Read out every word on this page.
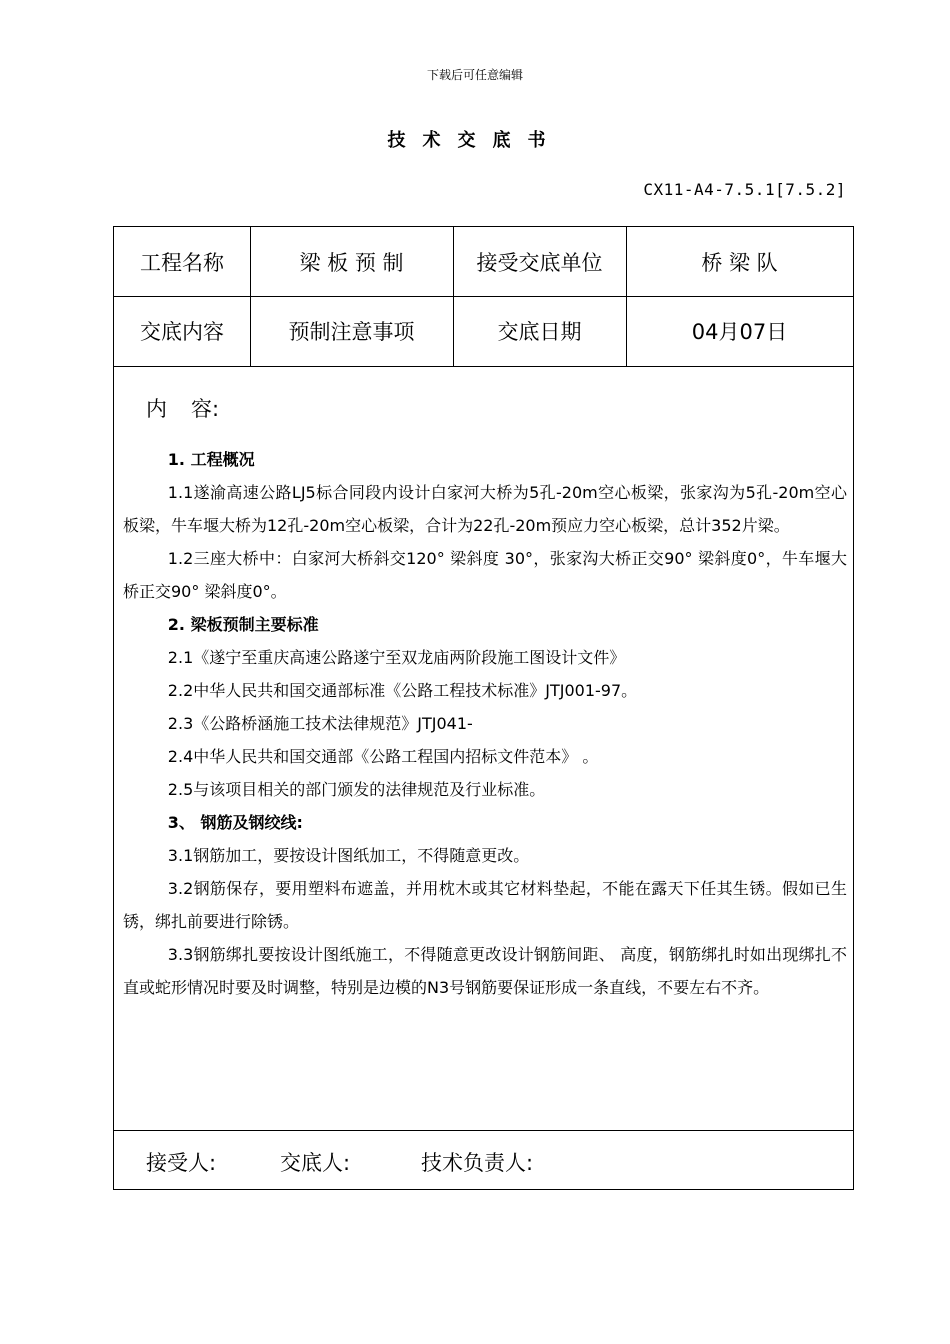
下载后可任意编辑
技术交底书
CX11-A4-7.5.1[7.5.2]
工程名称	梁 板 预 制	接受交底单位	桥 梁 队
交底内容	预制注意事项	交底日期	04月07日
内 容:

1. 工程概况

1.1遂渝高速公路LJ5标合同段内设计白家河大桥为5孔-20m空心板梁，张家沟为5孔-20m空心板梁，牛车堰大桥为12孔-20m空心板梁，合计为22孔-20m预应力空心板梁，总计352片梁。

1.2三座大桥中：白家河大桥斜交120° 梁斜度 30°，张家沟大桥正交90° 梁斜度0°，牛车堰大桥正交90° 梁斜度0°。

2. 梁板预制主要标准

2.1《遂宁至重庆高速公路遂宁至双龙庙两阶段施工图设计文件》

2.2中华人民共和国交通部标准《公路工程技术标准》JTJ001-97。

2.3《公路桥涵施工技术法律规范》JTJ041-

2.4中华人民共和国交通部《公路工程国内招标文件范本》 。

2.5与该项目相关的部门颁发的法律规范及行业标准。

3、 钢筋及钢绞线:

3.1钢筋加工，要按设计图纸加工，不得随意更改。

3.2钢筋保存，要用塑料布遮盖，并用枕木或其它材料垫起，不能在露天下任其生锈。假如已生锈，绑扎前要进行除锈。

3.3钢筋绑扎要按设计图纸施工，不得随意更改设计钢筋间距、 高度，钢筋绑扎时如出现绑扎不直或蛇形情况时要及时调整，特别是边模的N3号钢筋要保证形成一条直线，不要左右不齐。

接受人:	交底人:	技术负责人:
